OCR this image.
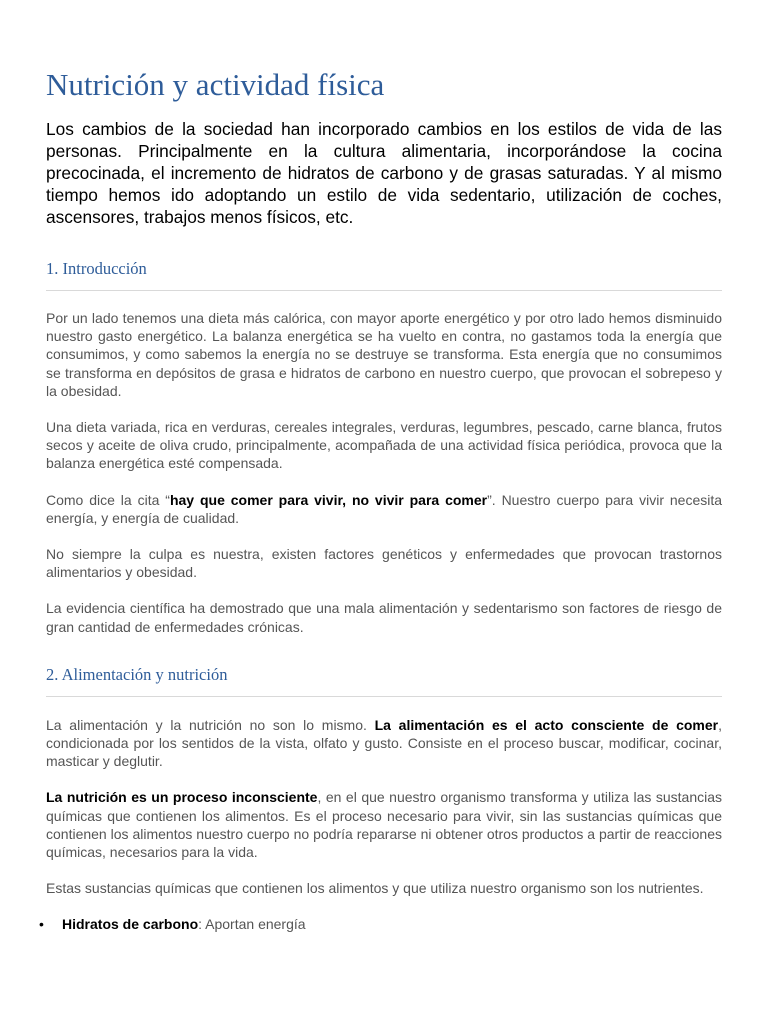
Nutrición y actividad física

Los cambios de la sociedad han incorporado cambios en los estilos de vida de las personas. Principalmente en la cultura alimentaria, incorporándose la cocina precocinada, el incremento de hidratos de carbono y de grasas saturadas. Y al mismo tiempo hemos ido adoptando un estilo de vida sedentario, utilización de coches, ascensores, trabajos menos físicos, etc.

1. Introducción

Por un lado tenemos una dieta más calórica, con mayor aporte energético y por otro lado hemos disminuido nuestro gasto energético. La balanza energética se ha vuelto en contra, no gastamos toda la energía que consumimos, y como sabemos la energía no se destruye se transforma. Esta energía que no consumimos se transforma en depósitos de grasa e hidratos de carbono en nuestro cuerpo, que provocan el sobrepeso y la obesidad.

Una dieta variada, rica en verduras, cereales integrales, verduras, legumbres, pescado, carne blanca, frutos secos y aceite de oliva crudo, principalmente, acompañada de una actividad física periódica, provoca que la balanza energética esté compensada.

Como dice la cita “hay que comer para vivir, no vivir para comer”. Nuestro cuerpo para vivir necesita energía, y energía de cualidad.

No siempre la culpa es nuestra, existen factores genéticos y enfermedades que provocan trastornos alimentarios y obesidad.

La evidencia científica ha demostrado que una mala alimentación y sedentarismo son factores de riesgo de gran cantidad de enfermedades crónicas.

2. Alimentación y nutrición

La alimentación y la nutrición no son lo mismo. La alimentación es el acto consciente de comer, condicionada por los sentidos de la vista, olfato y gusto. Consiste en el proceso buscar, modificar, cocinar, masticar y deglutir.

La nutrición es un proceso inconsciente, en el que nuestro organismo transforma y utiliza las sustancias químicas que contienen los alimentos. Es el proceso necesario para vivir, sin las sustancias químicas que contienen los alimentos nuestro cuerpo no podría repararse ni obtener otros productos a partir de reacciones químicas, necesarios para la vida.

Estas sustancias químicas que contienen los alimentos y que utiliza nuestro organismo son los nutrientes.

• Hidratos de carbono: Aportan energía
